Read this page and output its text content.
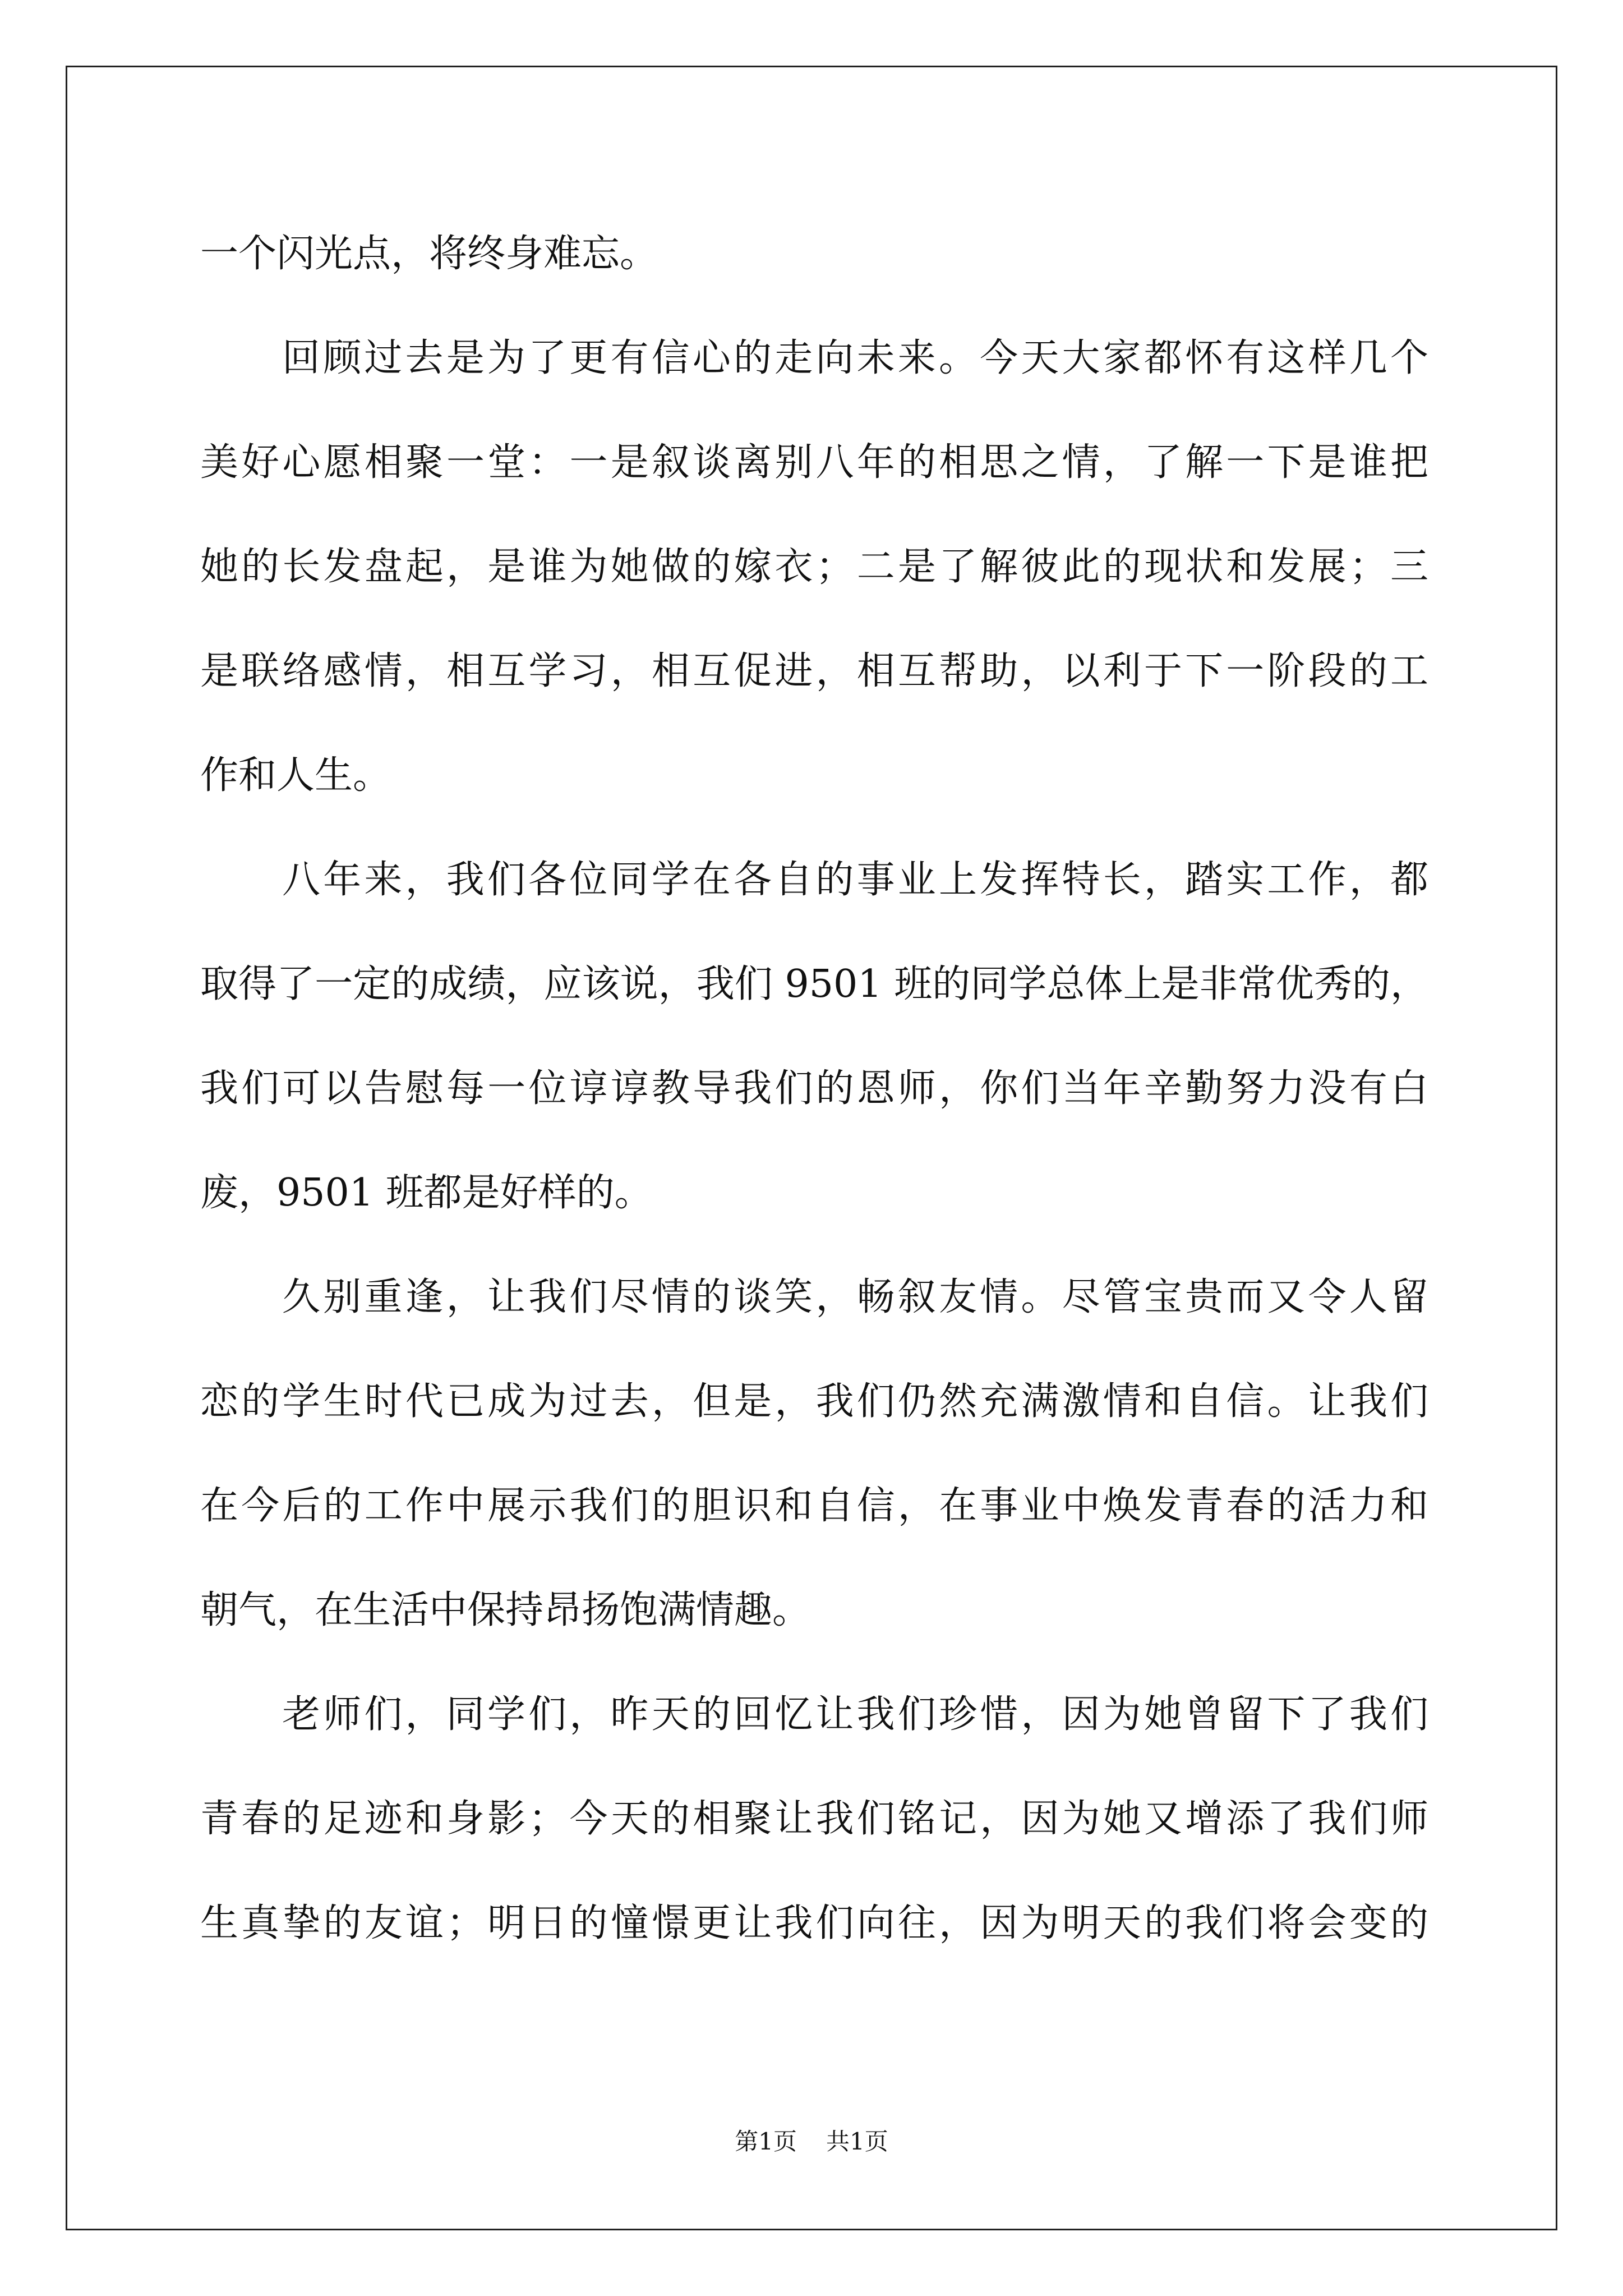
一个闪光点，将终身难忘。
回顾过去是为了更有信心的走向未来。今天大家都怀有这样几个
美好心愿相聚一堂：一是叙谈离别八年的相思之情，了解一下是谁把
她的长发盘起，是谁为她做的嫁衣；二是了解彼此的现状和发展；三
是联络感情，相互学习，相互促进，相互帮助，以利于下一阶段的工
作和人生。
八年来，我们各位同学在各自的事业上发挥特长，踏实工作，都
取得了一定的成绩，应该说，我们 9501 班的同学总体上是非常优秀的，
我们可以告慰每一位谆谆教导我们的恩师，你们当年辛勤努力没有白
废，9501 班都是好样的。
久别重逢，让我们尽情的谈笑，畅叙友情。尽管宝贵而又令人留
恋的学生时代已成为过去，但是，我们仍然充满激情和自信。让我们
在今后的工作中展示我们的胆识和自信，在事业中焕发青春的活力和
朝气，在生活中保持昂扬饱满情趣。
老师们，同学们，昨天的回忆让我们珍惜，因为她曾留下了我们
青春的足迹和身影；今天的相聚让我们铭记，因为她又增添了我们师
生真挚的友谊；明日的憧憬更让我们向往，因为明天的我们将会变的
第1页 共1页
